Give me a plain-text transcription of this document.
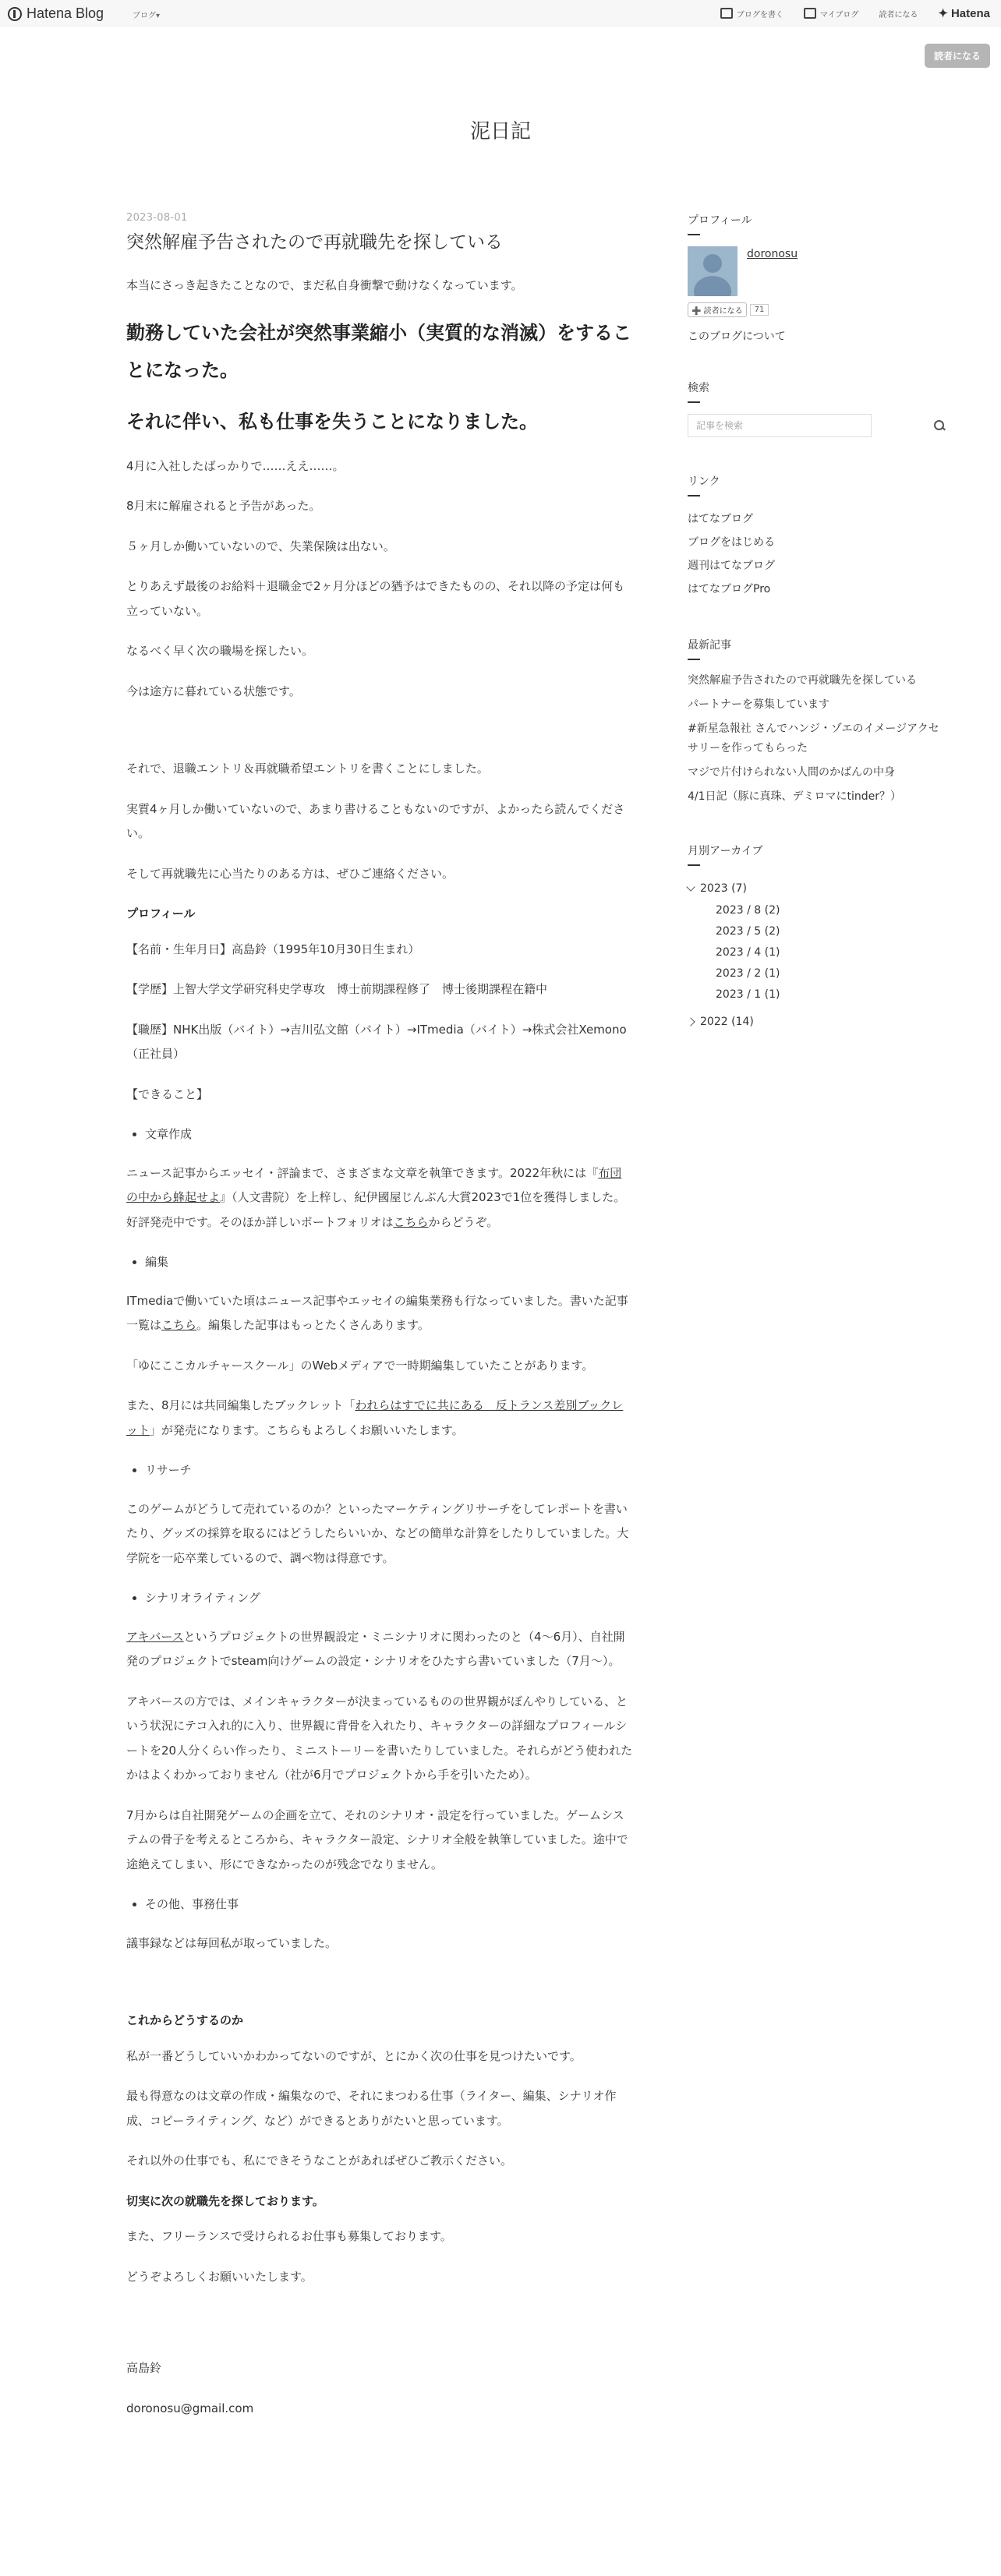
Hatena Blog	ブログ▾	ブログを書く	マイブログ	読者になる ✦ Hatena
読者になる
泥日記
2023-08-01
突然解雇予告されたので再就職先を探している

本当にさっき起きたことなので、まだ私自身衝撃で動けなくなっています。

勤務していた会社が突然事業縮小（実質的な消滅）をすることになった。
それに伴い、私も仕事を失うことになりました。

4月に入社したばっかりで……ええ……。

8月末に解雇されると予告があった。

５ヶ月しか働いていないので、失業保険は出ない。

とりあえず最後のお給料＋退職金で2ヶ月分ほどの猶予はできたものの、それ以降の予定は何も立っていない。

なるべく早く次の職場を探したい。

今は途方に暮れている状態です。

それで、退職エントリ＆再就職希望エントリを書くことにしました。

実質4ヶ月しか働いていないので、あまり書けることもないのですが、よかったら読んでください。

そして再就職先に心当たりのある方は、ぜひご連絡ください。

プロフィール

【名前・生年月日】高島鈴（1995年10月30日生まれ）

【学歴】上智大学文学研究科史学専攻　博士前期課程修了　博士後期課程在籍中

【職歴】NHK出版（バイト）→吉川弘文館（バイト）→ITmedia（バイト）→株式会社Xemono（正社員）

【できること】

• 文章作成

ニュース記事からエッセイ・評論まで、さまざまな文章を執筆できます。2022年秋には『布団の中から蜂起せよ』（人文書院）を上梓し、紀伊國屋じんぶん大賞2023で1位を獲得しました。好評発売中です。そのほか詳しいポートフォリオはこちらからどうぞ。

• 編集

ITmediaで働いていた頃はニュース記事やエッセイの編集業務も行なっていました。書いた記事一覧はこちら。編集した記事はもっとたくさんあります。

「ゆにここカルチャースクール」のWebメディアで一時期編集していたことがあります。

また、8月には共同編集したブックレット「われらはすでに共にある　反トランス差別ブックレット」が発売になります。こちらもよろしくお願いいたします。

• リサーチ

このゲームがどうして売れているのか？といったマーケティングリサーチをしてレポートを書いたり、グッズの採算を取るにはどうしたらいいか、などの簡単な計算をしたりしていました。大学院を一応卒業しているので、調べ物は得意です。

• シナリオライティング

アキバースというプロジェクトの世界観設定・ミニシナリオに関わったのと（4〜6月）、自社開発のプロジェクトでsteam向けゲームの設定・シナリオをひたすら書いていました（7月〜）。

アキバースの方では、メインキャラクターが決まっているものの世界観がぼんやりしている、という状況にテコ入れ的に入り、世界観に背骨を入れたり、キャラクターの詳細なプロフィールシートを20人分くらい作ったり、ミニストーリーを書いたりしていました。それらがどう使われたかはよくわかっておりません（社が6月でプロジェクトから手を引いたため）。

7月からは自社開発ゲームの企画を立て、それのシナリオ・設定を行っていました。ゲームシステムの骨子を考えるところから、キャラクター設定、シナリオ全般を執筆していました。途中で途絶えてしまい、形にできなかったのが残念でなりません。

• その他、事務仕事

議事録などは毎回私が取っていました。

これからどうするのか

私が一番どうしていいかわかってないのですが、とにかく次の仕事を見つけたいです。

最も得意なのは文章の作成・編集なので、それにまつわる仕事（ライター、編集、シナリオ作成、コピーライティング、など）ができるとありがたいと思っています。

それ以外の仕事でも、私にできそうなことがあればぜひご教示ください。

切実に次の就職先を探しております。

また、フリーランスで受けられるお仕事も募集しております。

どうぞよろしくお願いいたします。

高島鈴

doronosu@gmail.com

プロフィール
doronosu
➕ 読者になる	71
このブログについて
検索
記事を検索
リンク
はてなブログ
ブログをはじめる
週刊はてなブログ
はてなブログPro
最新記事
突然解雇予告されたので再就職先を探している
パートナーを募集しています
#新星急報社 さんでハンジ・ゾエのイメージアクセサリーを作ってもらった
マジで片付けられない人間のかばんの中身
4/1日記（豚に真珠、デミロマにtinder？）
月別アーカイブ
2023 (7)
2023 / 8 (2)
2023 / 5 (2)
2023 / 4 (1)
2023 / 2 (1)
2023 / 1 (1)
2022 (14)
